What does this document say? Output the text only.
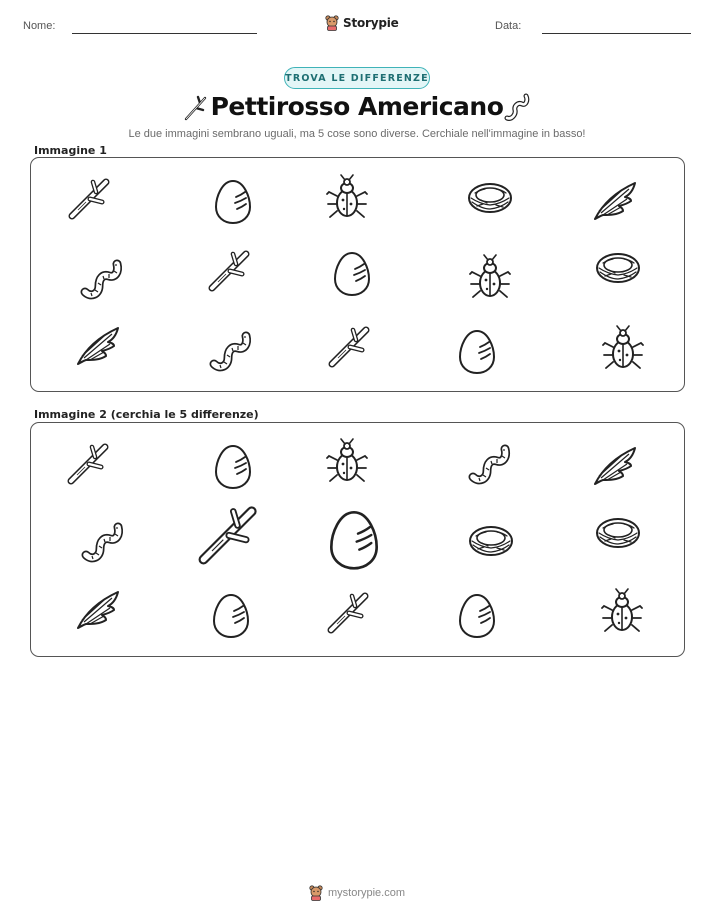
Nome:	Storypie	Data:
TROVA LE DIFFERENZE
Pettirosso Americano
Le due immagini sembrano uguali, ma 5 cose sono diverse. Cerchiale nell'immagine in basso!
Immagine 1
Immagine 2 (cerchia le 5 differenze)
mystorypie.com
